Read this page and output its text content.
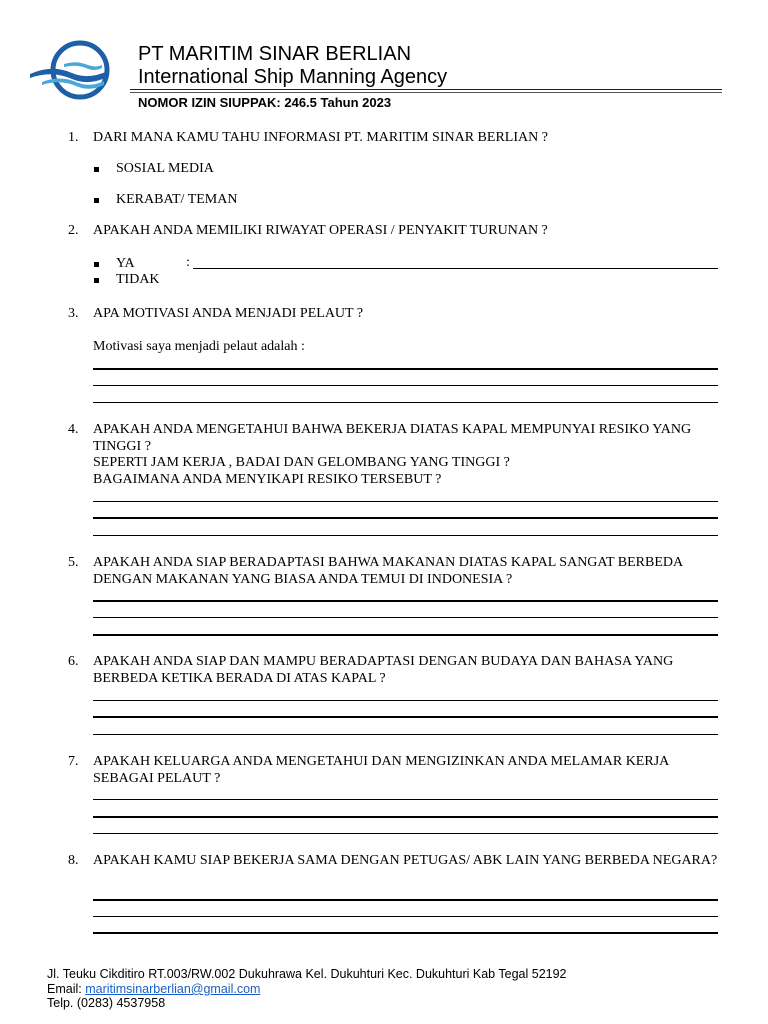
PT MARITIM SINAR BERLIAN
International Ship Manning Agency
NOMOR IZIN SIUPPAK: 246.5 Tahun 2023
1. DARI MANA KAMU TAHU INFORMASI PT. MARITIM SINAR BERLIAN ?
SOSIAL MEDIA
KERABAT/ TEMAN
2. APAKAH ANDA MEMILIKI RIWAYAT OPERASI / PENYAKIT TURUNAN ?
YA	:
TIDAK
3. APA MOTIVASI ANDA MENJADI PELAUT ?
Motivasi saya menjadi pelaut adalah :
4. APAKAH ANDA MENGETAHUI BAHWA BEKERJA DIATAS KAPAL MEMPUNYAI RESIKO YANG TINGGI ?
SEPERTI JAM KERJA , BADAI DAN GELOMBANG YANG TINGGI ?
BAGAIMANA ANDA MENYIKAPI RESIKO TERSEBUT ?
5. APAKAH ANDA SIAP BERADAPTASI BAHWA MAKANAN DIATAS KAPAL SANGAT BERBEDA DENGAN MAKANAN YANG BIASA ANDA TEMUI DI INDONESIA ?
6. APAKAH ANDA SIAP DAN MAMPU BERADAPTASI DENGAN BUDAYA DAN BAHASA YANG BERBEDA KETIKA BERADA DI ATAS KAPAL ?
7. APAKAH KELUARGA ANDA MENGETAHUI DAN MENGIZINKAN ANDA MELAMAR KERJA SEBAGAI PELAUT ?
8. APAKAH KAMU SIAP BEKERJA SAMA DENGAN PETUGAS/ ABK LAIN YANG BERBEDA NEGARA?
Jl. Teuku Cikditiro RT.003/RW.002 Dukuhrawa Kel. Dukuhturi Kec. Dukuhturi Kab Tegal 52192
Email: maritimsinarberlian@gmail.com
Telp. (0283) 4537958
